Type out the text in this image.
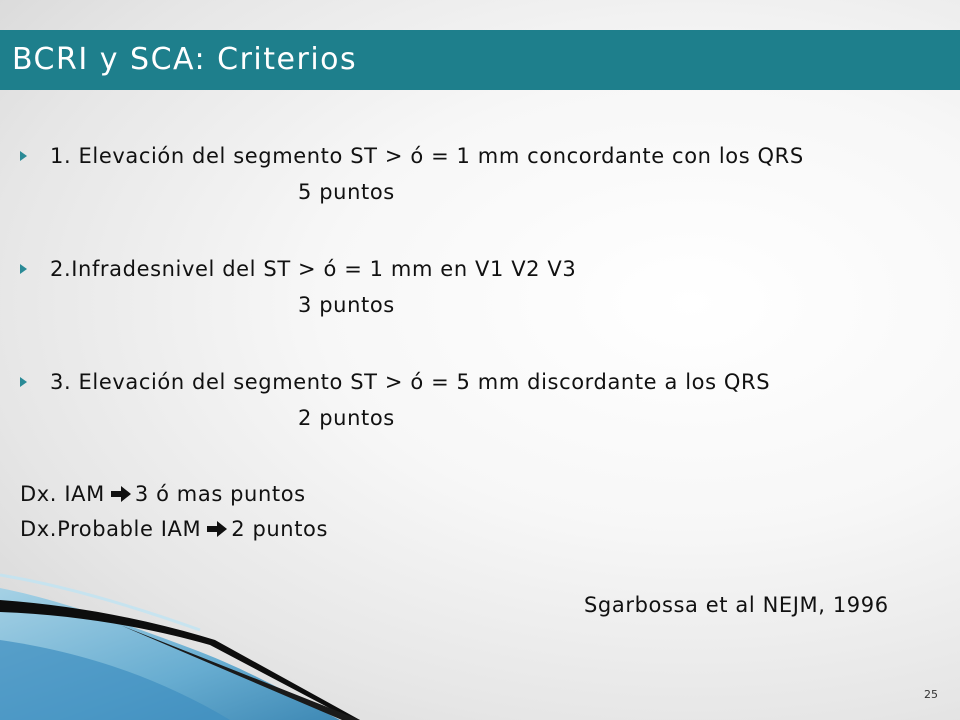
BCRI y SCA: Criterios
1. Elevación del segmento ST > ó = 1 mm concordante con los QRS
5 puntos
2.Infradesnivel del ST > ó = 1 mm en V1 V2 V3
3 puntos
3. Elevación del segmento ST > ó = 5 mm discordante a los QRS
2 puntos
Dx. IAM 3 ó mas puntos
Dx.Probable IAM 2 puntos
Sgarbossa et al NEJM, 1996
25
